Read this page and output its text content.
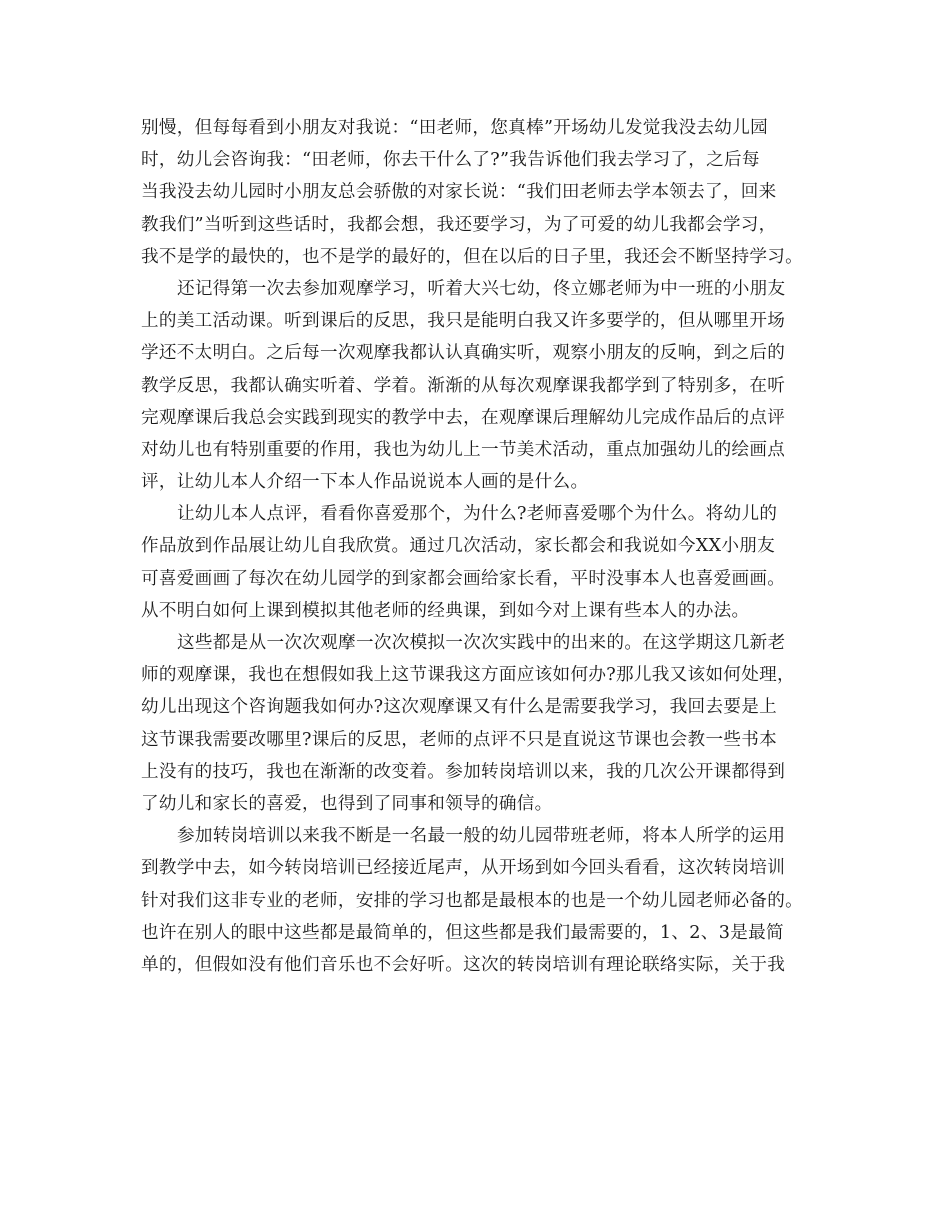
别慢，但每每看到小朋友对我说：“田老师，您真棒”开场幼儿发觉我没去幼儿园
时，幼儿会咨询我：“田老师，你去干什么了?”我告诉他们我去学习了，之后每
当我没去幼儿园时小朋友总会骄傲的对家长说：“我们田老师去学本领去了，回来
教我们”当听到这些话时，我都会想，我还要学习，为了可爱的幼儿我都会学习，
我不是学的最快的，也不是学的最好的，但在以后的日子里，我还会不断坚持学习。
还记得第一次去参加观摩学习，听着大兴七幼，佟立娜老师为中一班的小朋友
上的美工活动课。听到课后的反思，我只是能明白我又许多要学的，但从哪里开场
学还不太明白。之后每一次观摩我都认认真确实听，观察小朋友的反响，到之后的
教学反思，我都认确实听着、学着。渐渐的从每次观摩课我都学到了特别多，在听
完观摩课后我总会实践到现实的教学中去，在观摩课后理解幼儿完成作品后的点评
对幼儿也有特别重要的作用，我也为幼儿上一节美术活动，重点加强幼儿的绘画点
评，让幼儿本人介绍一下本人作品说说本人画的是什么。
让幼儿本人点评，看看你喜爱那个，为什么?老师喜爱哪个为什么。将幼儿的
作品放到作品展让幼儿自我欣赏。通过几次活动，家长都会和我说如今XX小朋友
可喜爱画画了每次在幼儿园学的到家都会画给家长看，平时没事本人也喜爱画画。
从不明白如何上课到模拟其他老师的经典课，到如今对上课有些本人的办法。
这些都是从一次次观摩一次次模拟一次次实践中的出来的。在这学期这几新老
师的观摩课，我也在想假如我上这节课我这方面应该如何办?那儿我又该如何处理，
幼儿出现这个咨询题我如何办?这次观摩课又有什么是需要我学习，我回去要是上
这节课我需要改哪里?课后的反思，老师的点评不只是直说这节课也会教一些书本
上没有的技巧，我也在渐渐的改变着。参加转岗培训以来，我的几次公开课都得到
了幼儿和家长的喜爱，也得到了同事和领导的确信。
参加转岗培训以来我不断是一名最一般的幼儿园带班老师，将本人所学的运用
到教学中去，如今转岗培训已经接近尾声，从开场到如今回头看看，这次转岗培训
针对我们这非专业的老师，安排的学习也都是最根本的也是一个幼儿园老师必备的。
也许在别人的眼中这些都是最简单的，但这些都是我们最需要的，1、2、3是最简
单的，但假如没有他们音乐也不会好听。这次的转岗培训有理论联络实际，关于我
